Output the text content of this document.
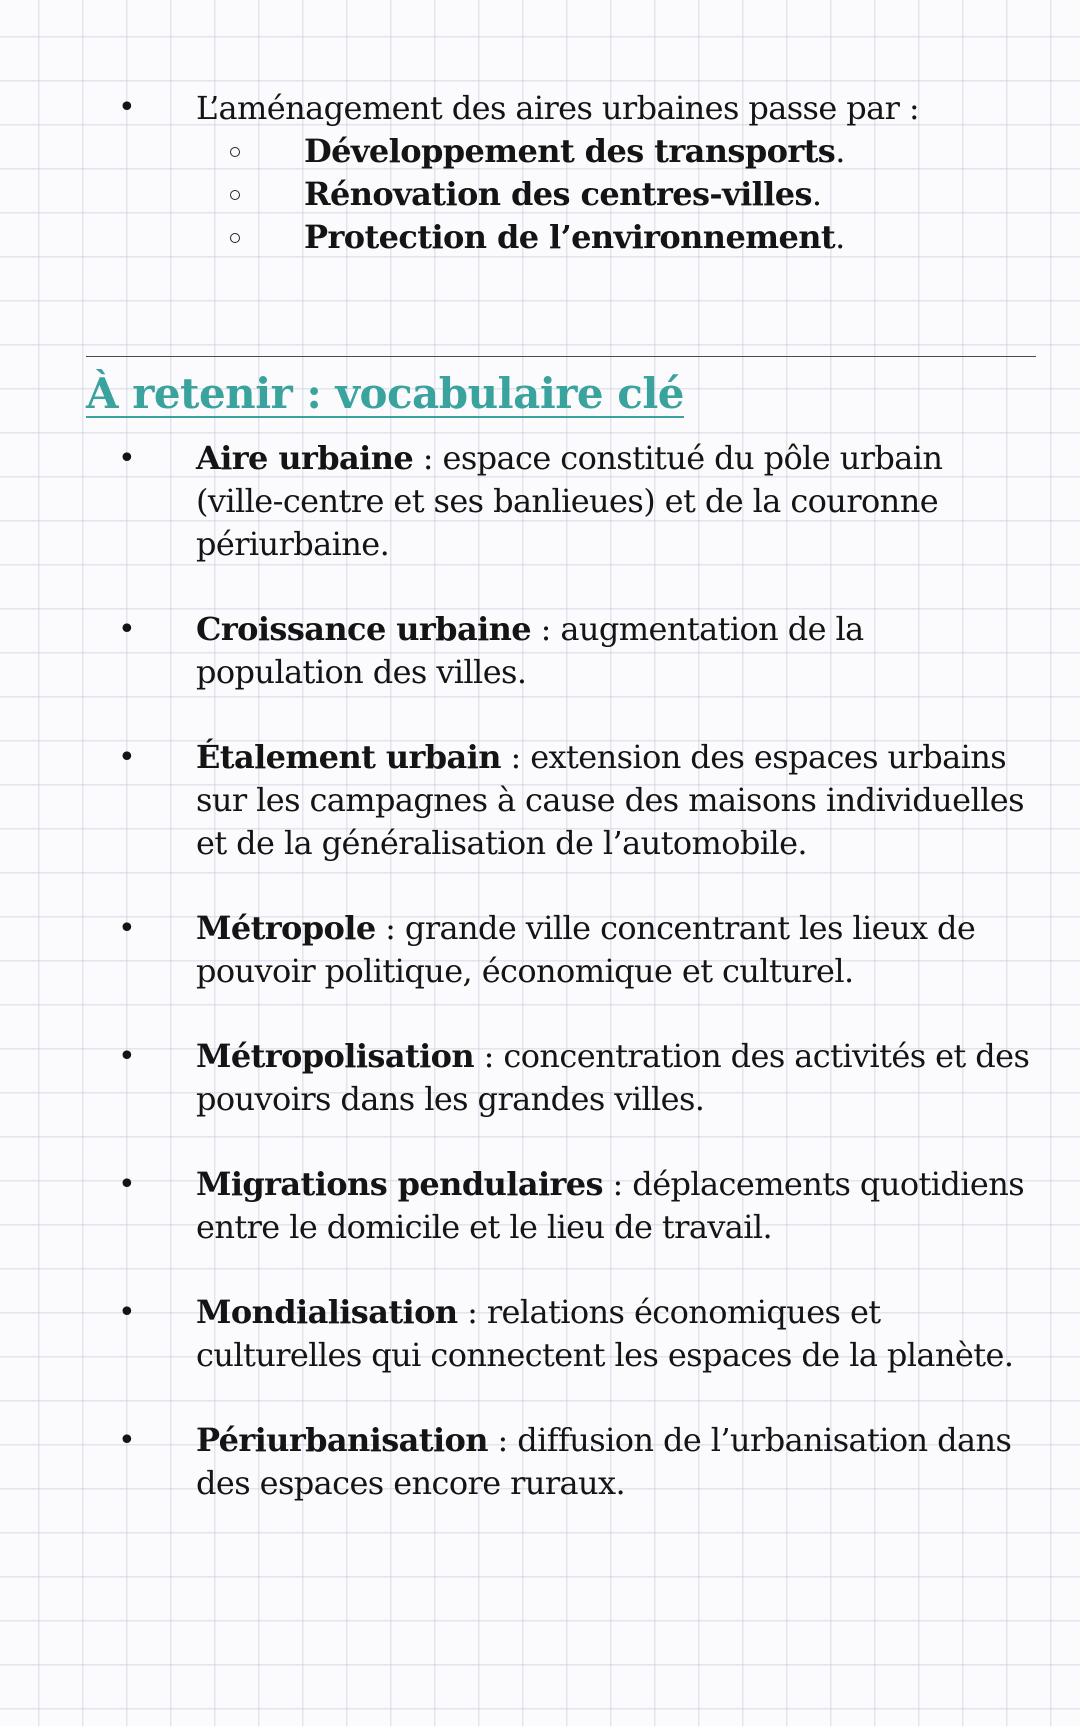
• L’aménagement des aires urbaines passe par :
Développement des transports.
Rénovation des centres-villes.
Protection de l’environnement.
À retenir : vocabulaire clé
• Aire urbaine : espace constitué du pôle urbain (ville-centre et ses banlieues) et de la couronne périurbaine.
• Croissance urbaine : augmentation de la population des villes.
• Étalement urbain : extension des espaces urbains sur les campagnes à cause des maisons individuelles et de la généralisation de l’automobile.
• Métropole : grande ville concentrant les lieux de pouvoir politique, économique et culturel.
• Métropolisation : concentration des activités et des pouvoirs dans les grandes villes.
• Migrations pendulaires : déplacements quotidiens entre le domicile et le lieu de travail.
• Mondialisation : relations économiques et culturelles qui connectent les espaces de la planète.
• Périurbanisation : diffusion de l’urbanisation dans des espaces encore ruraux.
